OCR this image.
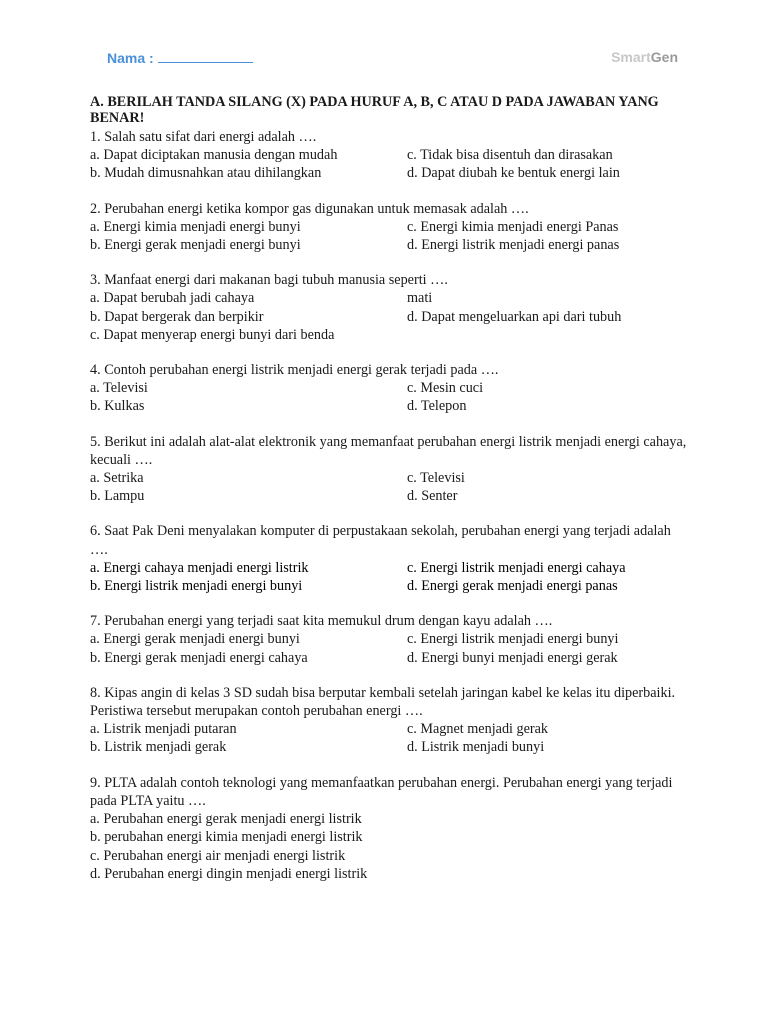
Nama :	SmartGen
A. BERILAH TANDA SILANG (X) PADA HURUF A, B, C ATAU D PADA JAWABAN YANG BENAR!
1. Salah satu sifat dari energi adalah ….
a. Dapat diciptakan manusia dengan mudah	c. Tidak bisa disentuh dan dirasakan
b. Mudah dimusnahkan atau dihilangkan	d. Dapat diubah ke bentuk energi lain
2. Perubahan energi ketika kompor gas digunakan untuk memasak adalah ….
a. Energi kimia menjadi energi bunyi	c. Energi kimia menjadi energi Panas
b. Energi gerak menjadi energi bunyi	d. Energi listrik menjadi energi panas
3. Manfaat energi dari makanan bagi tubuh manusia seperti ….
a. Dapat berubah jadi cahaya	mati
b. Dapat bergerak dan berpikir	d. Dapat mengeluarkan api dari tubuh
c. Dapat menyerap energi bunyi dari benda
4. Contoh perubahan energi listrik menjadi energi gerak terjadi pada ….
a. Televisi	c. Mesin cuci
b. Kulkas	d. Telepon
5. Berikut ini adalah alat-alat elektronik yang memanfaat perubahan energi listrik menjadi energi cahaya, kecuali ….
a. Setrika	c. Televisi
b. Lampu	d. Senter
6. Saat Pak Deni menyalakan komputer di perpustakaan sekolah, perubahan energi yang terjadi adalah ….
a. Energi cahaya menjadi energi listrik	c. Energi listrik menjadi energi cahaya
b. Energi listrik menjadi energi bunyi	d. Energi gerak menjadi energi panas
7. Perubahan energi yang terjadi saat kita memukul drum dengan kayu adalah ….
a. Energi gerak menjadi energi bunyi	c. Energi listrik menjadi energi bunyi
b. Energi gerak menjadi energi cahaya	d. Energi bunyi menjadi energi gerak
8. Kipas angin di kelas 3 SD sudah bisa berputar kembali setelah jaringan kabel ke kelas itu diperbaiki. Peristiwa tersebut merupakan contoh perubahan energi ….
a. Listrik menjadi putaran	c. Magnet menjadi gerak
b. Listrik menjadi gerak	d. Listrik menjadi bunyi
9. PLTA adalah contoh teknologi yang memanfaatkan perubahan energi. Perubahan energi yang terjadi pada PLTA yaitu ….
a. Perubahan energi gerak menjadi energi listrik
b. perubahan energi kimia menjadi energi listrik
c. Perubahan energi air menjadi energi listrik
d. Perubahan energi dingin menjadi energi listrik
